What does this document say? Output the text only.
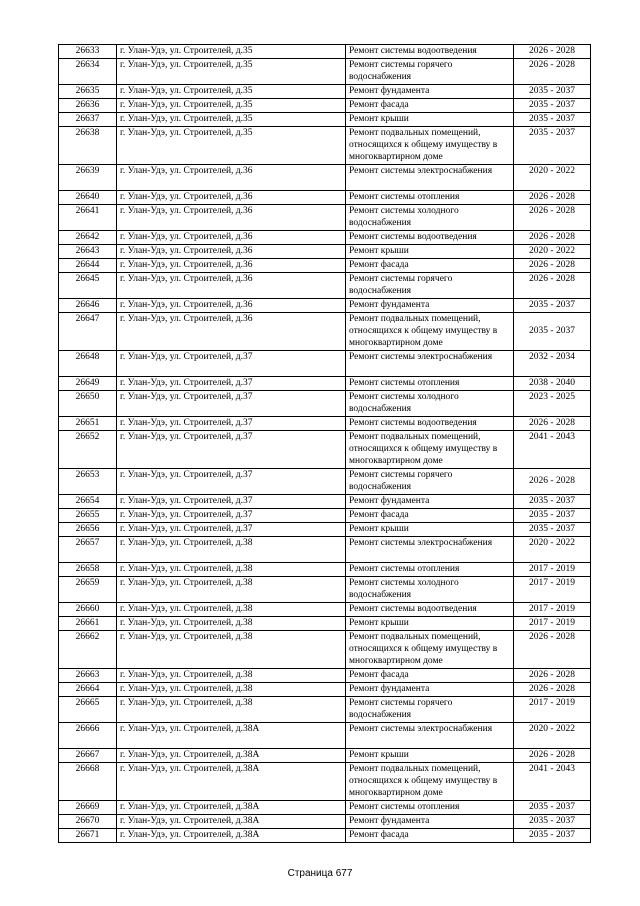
26633	г. Улан-Удэ, ул. Строителей, д.35	Ремонт системы водоотведения	2026 - 2028
26634	г. Улан-Удэ, ул. Строителей, д.35	Ремонт системы горячего водоснабжения	2026 - 2028
26635	г. Улан-Удэ, ул. Строителей, д.35	Ремонт фундамента	2035 - 2037
26636	г. Улан-Удэ, ул. Строителей, д.35	Ремонт фасада	2035 - 2037
26637	г. Улан-Удэ, ул. Строителей, д.35	Ремонт крыши	2035 - 2037
26638	г. Улан-Удэ, ул. Строителей, д.35	Ремонт подвальных помещений, относящихся к общему имуществу в многоквартирном доме	2035 - 2037
26639	г. Улан-Удэ, ул. Строителей, д.36	Ремонт системы электроснабжения	2020 - 2022
26640	г. Улан-Удэ, ул. Строителей, д.36	Ремонт системы отопления	2026 - 2028
26641	г. Улан-Удэ, ул. Строителей, д.36	Ремонт системы холодного водоснабжения	2026 - 2028
26642	г. Улан-Удэ, ул. Строителей, д.36	Ремонт системы водоотведения	2026 - 2028
26643	г. Улан-Удэ, ул. Строителей, д.36	Ремонт крыши	2020 - 2022
26644	г. Улан-Удэ, ул. Строителей, д.36	Ремонт фасада	2026 - 2028
26645	г. Улан-Удэ, ул. Строителей, д.36	Ремонт системы горячего водоснабжения	2026 - 2028
26646	г. Улан-Удэ, ул. Строителей, д.36	Ремонт фундамента	2035 - 2037
26647	г. Улан-Удэ, ул. Строителей, д.36	Ремонт подвальных помещений, относящихся к общему имуществу в многоквартирном доме	2035 - 2037
26648	г. Улан-Удэ, ул. Строителей, д.37	Ремонт системы электроснабжения	2032 - 2034
26649	г. Улан-Удэ, ул. Строителей, д.37	Ремонт системы отопления	2038 - 2040
26650	г. Улан-Удэ, ул. Строителей, д.37	Ремонт системы холодного водоснабжения	2023 - 2025
26651	г. Улан-Удэ, ул. Строителей, д.37	Ремонт системы водоотведения	2026 - 2028
26652	г. Улан-Удэ, ул. Строителей, д.37	Ремонт подвальных помещений, относящихся к общему имуществу в многоквартирном доме	2041 - 2043
26653	г. Улан-Удэ, ул. Строителей, д.37	Ремонт системы горячего водоснабжения	2026 - 2028
26654	г. Улан-Удэ, ул. Строителей, д.37	Ремонт фундамента	2035 - 2037
26655	г. Улан-Удэ, ул. Строителей, д.37	Ремонт фасада	2035 - 2037
26656	г. Улан-Удэ, ул. Строителей, д.37	Ремонт крыши	2035 - 2037
26657	г. Улан-Удэ, ул. Строителей, д.38	Ремонт системы электроснабжения	2020 - 2022
26658	г. Улан-Удэ, ул. Строителей, д.38	Ремонт системы отопления	2017 - 2019
26659	г. Улан-Удэ, ул. Строителей, д.38	Ремонт системы холодного водоснабжения	2017 - 2019
26660	г. Улан-Удэ, ул. Строителей, д.38	Ремонт системы водоотведения	2017 - 2019
26661	г. Улан-Удэ, ул. Строителей, д.38	Ремонт крыши	2017 - 2019
26662	г. Улан-Удэ, ул. Строителей, д.38	Ремонт подвальных помещений, относящихся к общему имуществу в многоквартирном доме	2026 - 2028
26663	г. Улан-Удэ, ул. Строителей, д.38	Ремонт фасада	2026 - 2028
26664	г. Улан-Удэ, ул. Строителей, д.38	Ремонт фундамента	2026 - 2028
26665	г. Улан-Удэ, ул. Строителей, д.38	Ремонт системы горячего водоснабжения	2017 - 2019
26666	г. Улан-Удэ, ул. Строителей, д.38А	Ремонт системы электроснабжения	2020 - 2022
26667	г. Улан-Удэ, ул. Строителей, д.38А	Ремонт крыши	2026 - 2028
26668	г. Улан-Удэ, ул. Строителей, д.38А	Ремонт подвальных помещений, относящихся к общему имуществу в многоквартирном доме	2041 - 2043
26669	г. Улан-Удэ, ул. Строителей, д.38А	Ремонт системы отопления	2035 - 2037
26670	г. Улан-Удэ, ул. Строителей, д.38А	Ремонт фундамента	2035 - 2037
26671	г. Улан-Удэ, ул. Строителей, д.38А	Ремонт фасада	2035 - 2037
Страница 677
